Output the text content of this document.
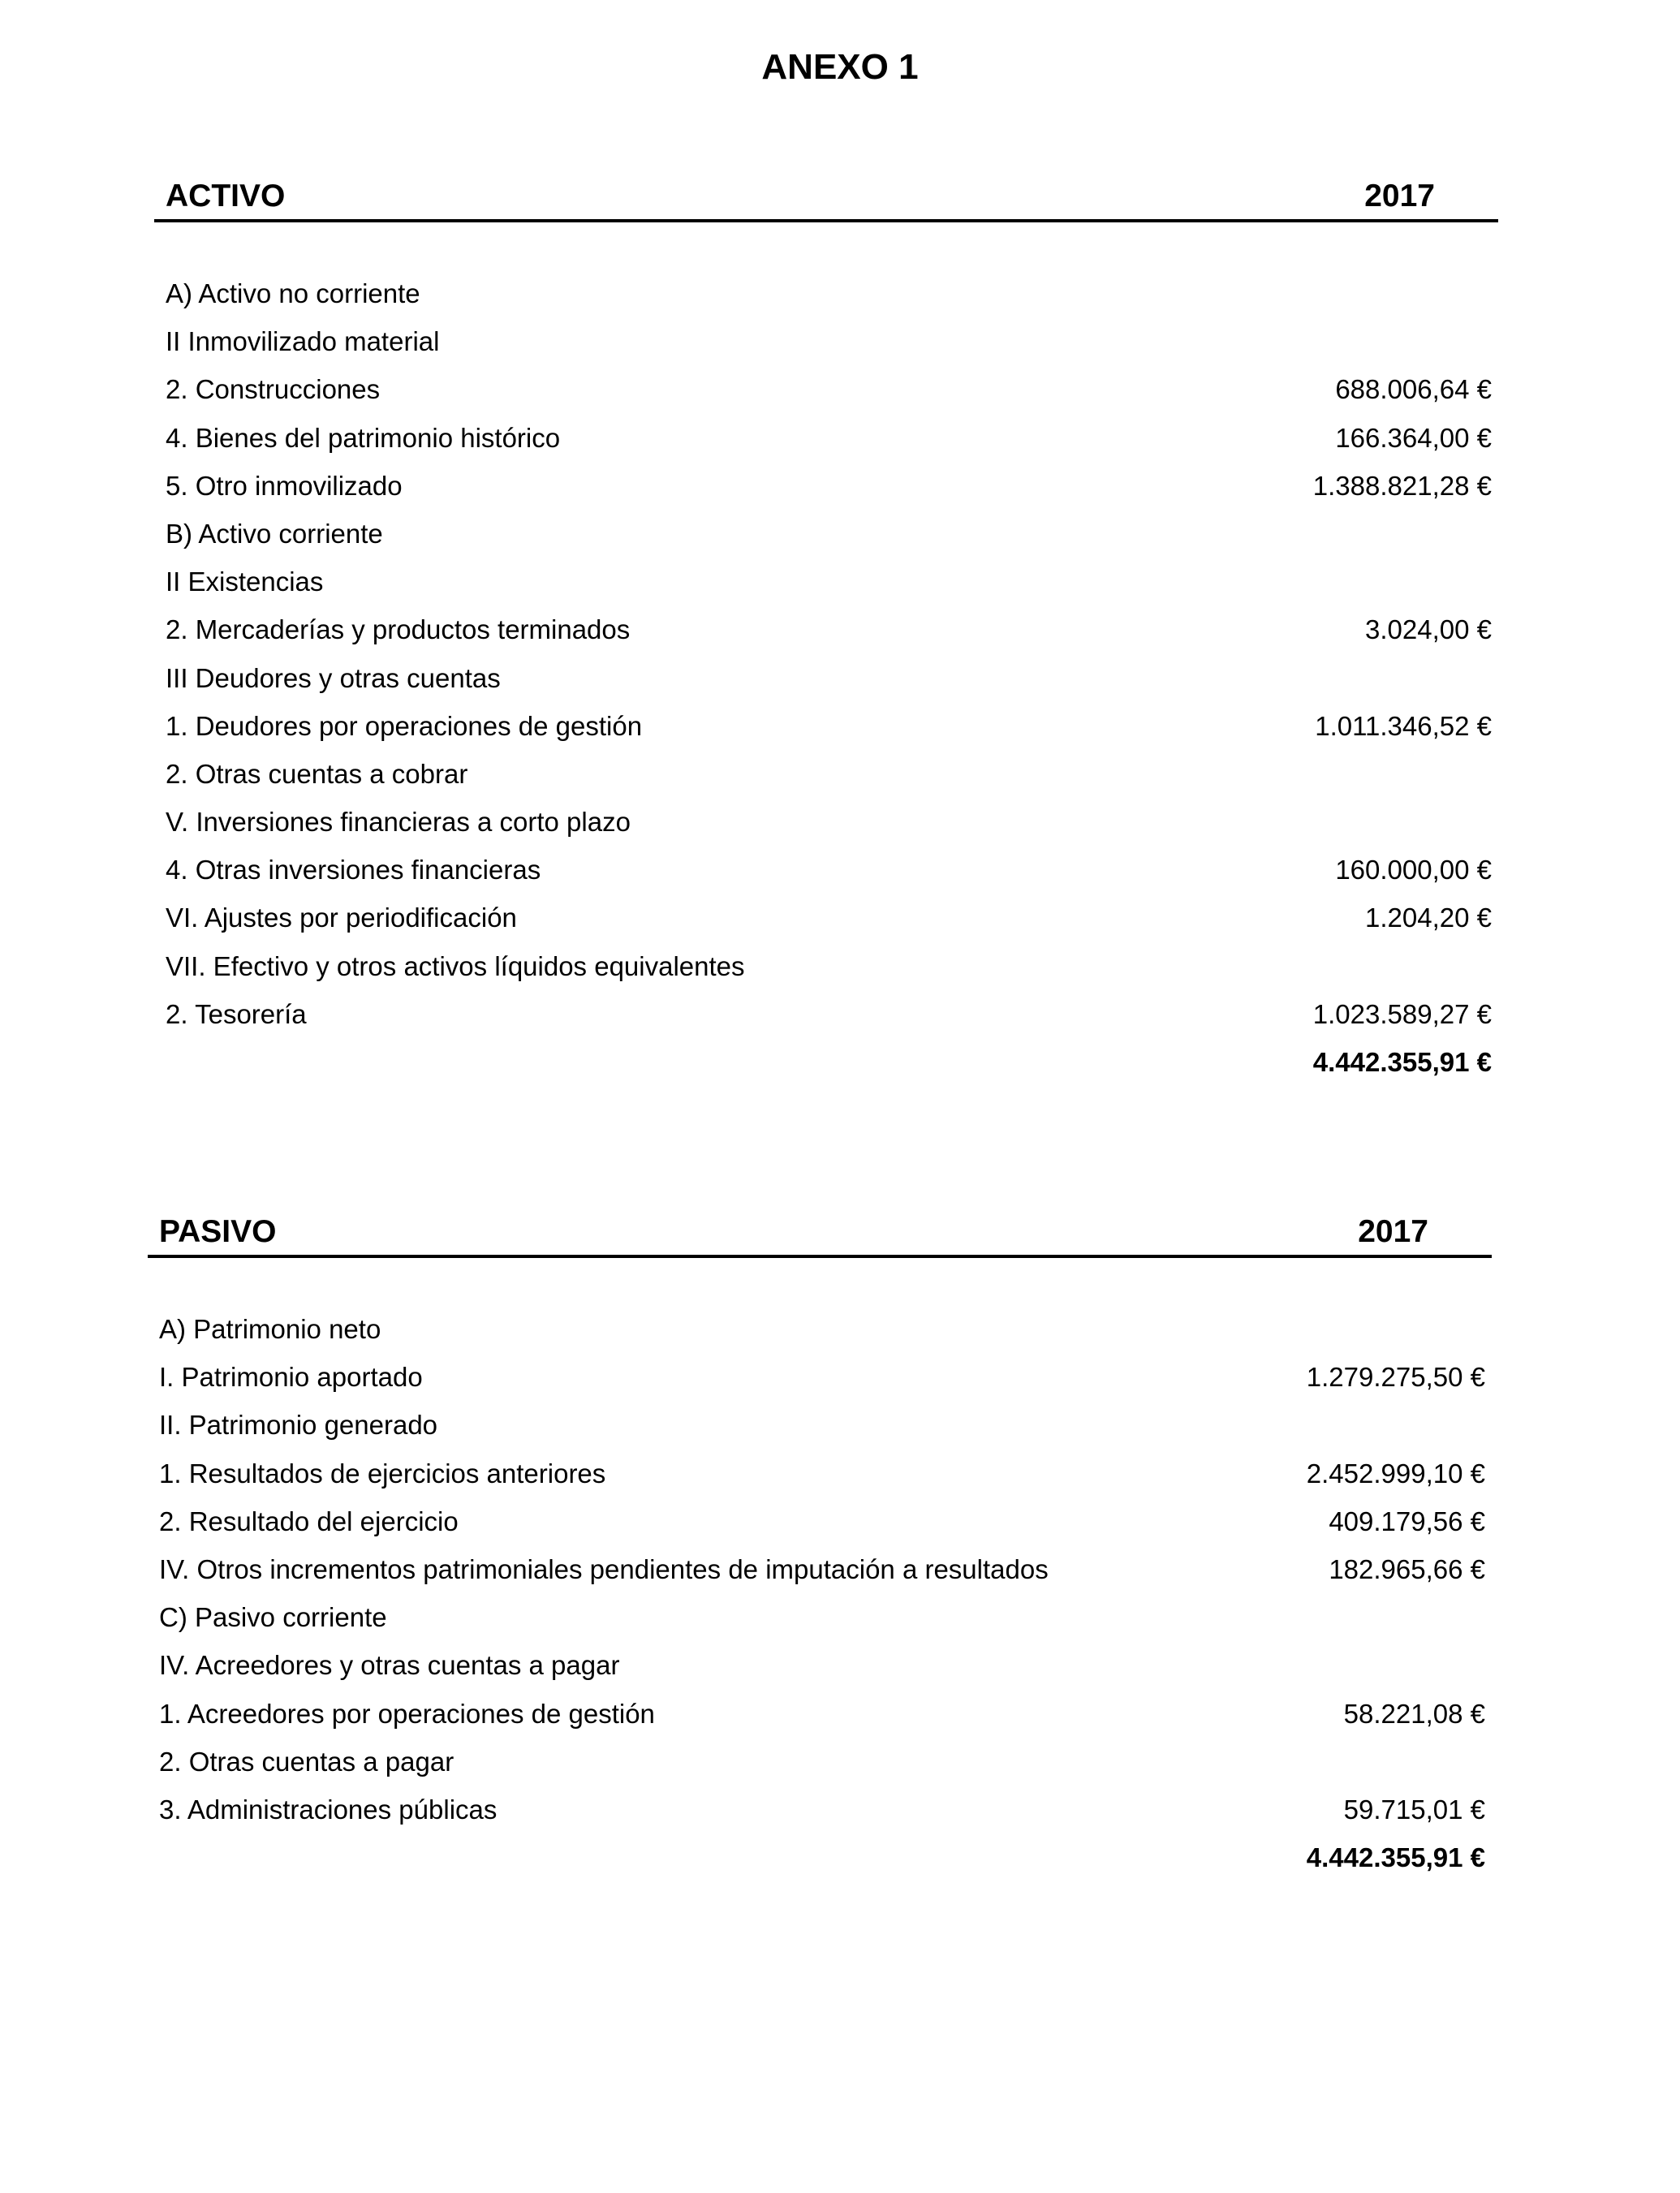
ANEXO 1
ACTIVO	2017
A) Activo no corriente
II Inmovilizado material
2. Construcciones	688.006,64 €
4. Bienes del patrimonio histórico	166.364,00 €
5. Otro inmovilizado	1.388.821,28 €
B) Activo corriente
II Existencias
2. Mercaderías y productos terminados	3.024,00 €
III Deudores y otras cuentas
1. Deudores por operaciones de gestión	1.011.346,52 €
2. Otras cuentas a cobrar
V. Inversiones financieras a corto plazo
4. Otras inversiones financieras	160.000,00 €
VI. Ajustes por periodificación	1.204,20 €
VII. Efectivo y otros activos líquidos equivalentes
2. Tesorería	1.023.589,27 €
4.442.355,91 €
PASIVO	2017
A) Patrimonio neto
I. Patrimonio aportado	1.279.275,50 €
II. Patrimonio generado
1. Resultados de ejercicios anteriores	2.452.999,10 €
2. Resultado del ejercicio	409.179,56 €
IV. Otros incrementos patrimoniales pendientes de imputación a resultados	182.965,66 €
C) Pasivo corriente
IV. Acreedores y otras cuentas a pagar
1. Acreedores por operaciones de gestión	58.221,08 €
2. Otras cuentas a pagar
3. Administraciones públicas	59.715,01 €
4.442.355,91 €
